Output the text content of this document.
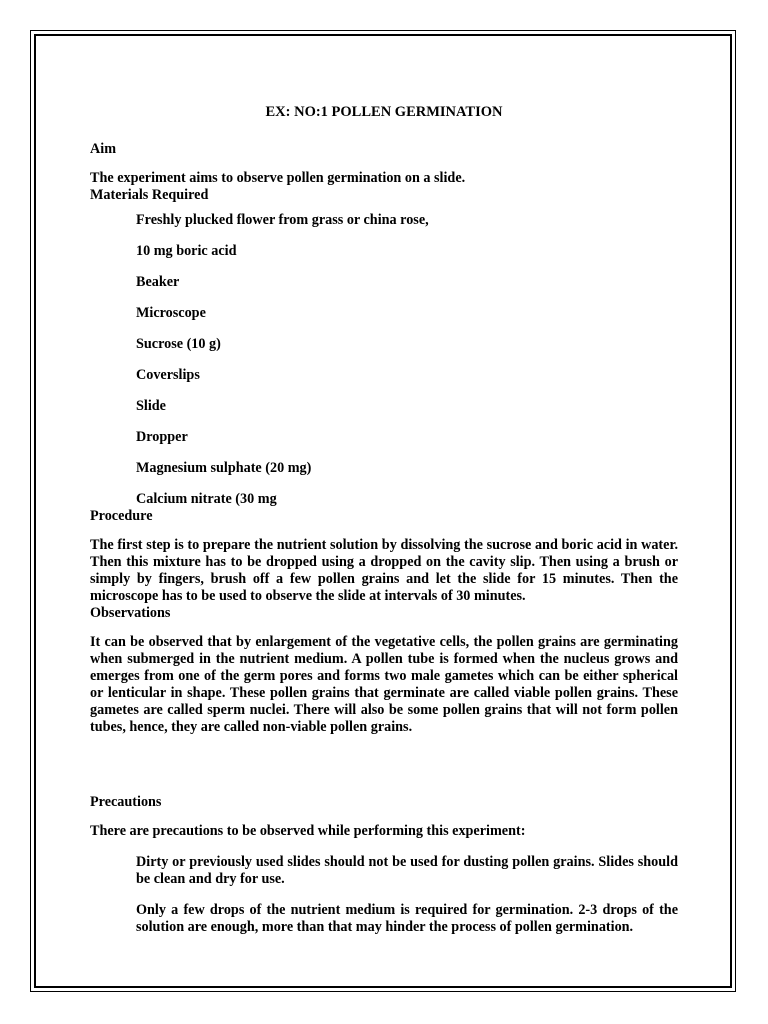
EX: NO:1 POLLEN GERMINATION

Aim

The experiment aims to observe pollen germination on a slide.

Materials Required

Freshly plucked flower from grass or china rose,
10 mg boric acid
Beaker
Microscope
Sucrose (10 g)
Coverslips
Slide
Dropper
Magnesium sulphate (20 mg)
Calcium nitrate (30 mg

Procedure

The first step is to prepare the nutrient solution by dissolving the sucrose and boric acid in water. Then this mixture has to be dropped using a dropped on the cavity slip. Then using a brush or simply by fingers, brush off a few pollen grains and let the slide for 15 minutes. Then the microscope has to be used to observe the slide at intervals of 30 minutes.

Observations

It can be observed that by enlargement of the vegetative cells, the pollen grains are germinating when submerged in the nutrient medium. A pollen tube is formed when the nucleus grows and emerges from one of the germ pores and forms two male gametes which can be either spherical or lenticular in shape. These pollen grains that germinate are called viable pollen grains. These gametes are called sperm nuclei. There will also be some pollen grains that will not form pollen tubes, hence, they are called non-viable pollen grains.

Precautions

There are precautions to be observed while performing this experiment:

Dirty or previously used slides should not be used for dusting pollen grains. Slides should be clean and dry for use.
Only a few drops of the nutrient medium is required for germination. 2-3 drops of the solution are enough, more than that may hinder the process of pollen germination.
